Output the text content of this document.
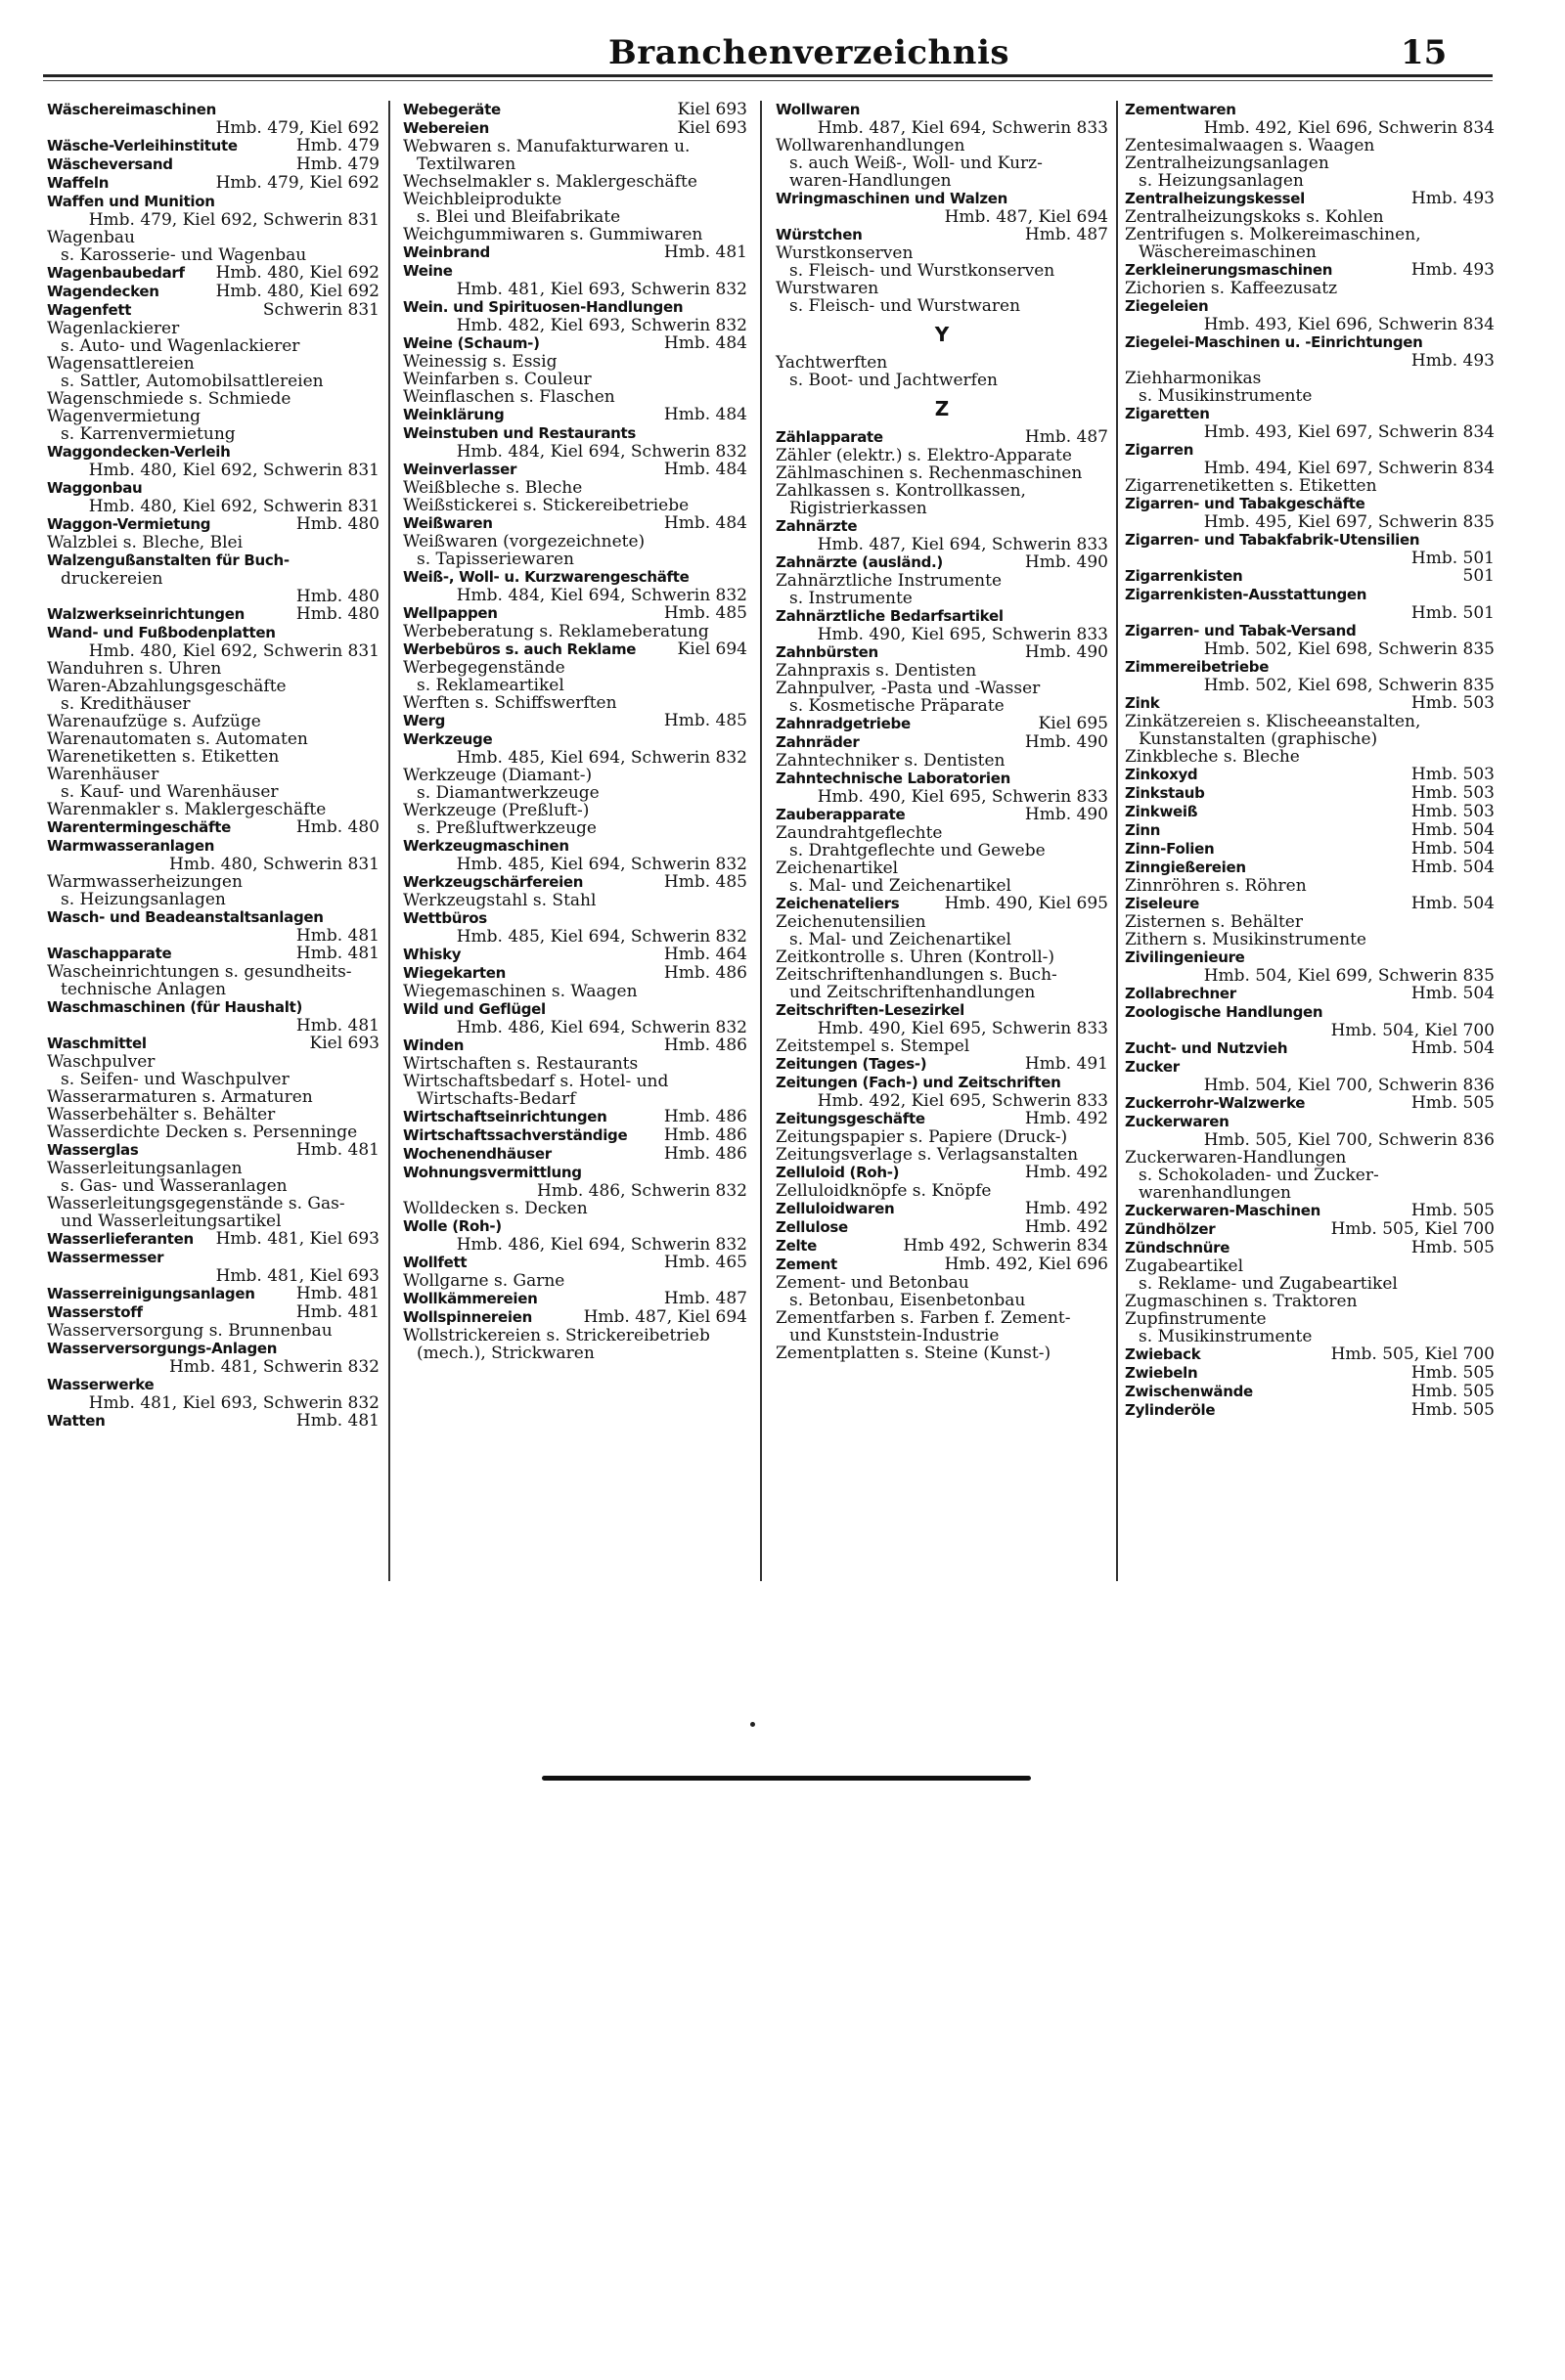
Branchenverzeichnis	15
Wäschereimaschinen
Hmb. 479, Kiel 692
Wäsche-Verleihinstitute	Hmb. 479
Wäscheversand	Hmb. 479
Waffeln	Hmb. 479, Kiel 692
Waffen und Munition
Hmb. 479, Kiel 692, Schwerin 831
Wagenbau
s. Karosserie- und Wagenbau
Wagenbaubedarf Hmb. 480, Kiel 692
Wagendecken	Hmb. 480, Kiel 692
Wagenfett	Schwerin 831
Wagenlackierer
s. Auto- und Wagenlackierer
Wagensattlereien
s. Sattler, Automobilsattlereien
Wagenschmiede s. Schmiede
Wagenvermietung
s. Karrenvermietung
Waggondecken-Verleih
Hmb. 480, Kiel 692, Schwerin 831
Waggonbau
Hmb. 480, Kiel 692, Schwerin 831
Waggon-Vermietung	Hmb. 480
Walzblei s. Bleche, Blei
Walzengußanstalten für Buch-
druckereien
Hmb. 480
Walzwerkseinrichtungen	Hmb. 480
Wand- und Fußbodenplatten
Hmb. 480, Kiel 692, Schwerin 831
Wanduhren s. Uhren
Waren-Abzahlungsgeschäfte
s. Kredithäuser
Warenaufzüge s. Aufzüge
Warenautomaten s. Automaten
Warenetiketten s. Etiketten
Warenhäuser
s. Kauf- und Warenhäuser
Warenmakler s. Maklergeschäfte
Warentermingeschäfte	Hmb. 480
Warmwasseranlagen
Hmb. 480, Schwerin 831
Warmwasserheizungen
s. Heizungsanlagen
Wasch- und Beadeanstaltsanlagen
Hmb. 481
Waschapparate	Hmb. 481
Wascheinrichtungen s. gesundheits-
technische Anlagen
Waschmaschinen (für Haushalt)
Hmb. 481
Waschmittel	Kiel 693
Waschpulver
s. Seifen- und Waschpulver
Wasserarmaturen s. Armaturen
Wasserbehälter s. Behälter
Wasserdichte Decken s. Persenninge
Wasserglas	Hmb. 481
Wasserleitungsanlagen
s. Gas- und Wasseranlagen
Wasserleitungsgegenstände s. Gas-
und Wasserleitungsartikel
Wasserlieferanten Hmb. 481, Kiel 693
Wassermesser
Hmb. 481, Kiel 693
Wasserreinigungsanlagen Hmb. 481
Wasserstoff	Hmb. 481
Wasserversorgung s. Brunnenbau
Wasserversorgungs-Anlagen
Hmb. 481, Schwerin 832
Wasserwerke
Hmb. 481, Kiel 693, Schwerin 832
Watten	Hmb. 481
Webegeräte	Kiel 693
Webereien	Kiel 693
Webwaren s. Manufakturwaren u.
Textilwaren
Wechselmakler s. Maklergeschäfte
Weichbleiprodukte
s. Blei und Bleifabrikate
Weichgummiwaren s. Gummiwaren
Weinbrand	Hmb. 481
Weine
Hmb. 481, Kiel 693, Schwerin 832
Wein. und Spirituosen-Handlungen
Hmb. 482, Kiel 693, Schwerin 832
Weine (Schaum-)	Hmb. 484
Weinessig s. Essig
Weinfarben s. Couleur
Weinflaschen s. Flaschen
Weinklärung	Hmb. 484
Weinstuben und Restaurants
Hmb. 484, Kiel 694, Schwerin 832
Weinverlasser	Hmb. 484
Weißbleche s. Bleche
Weißstickerei s. Stickereibetriebe
Weißwaren	Hmb. 484
Weißwaren (vorgezeichnete)
s. Tapisseriewaren
Weiß-, Woll- u. Kurzwarengeschäfte
Hmb. 484, Kiel 694, Schwerin 832
Wellpappen	Hmb. 485
Werbeberatung s. Reklameberatung
Werbebüros s. auch Reklame Kiel 694
Werbegegenstände
s. Reklameartikel
Werften s. Schiffswerften
Werg	Hmb. 485
Werkzeuge
Hmb. 485, Kiel 694, Schwerin 832
Werkzeuge (Diamant-)
s. Diamantwerkzeuge
Werkzeuge (Preßluft-)
s. Preßluftwerkzeuge
Werkzeugmaschinen
Hmb. 485, Kiel 694, Schwerin 832
Werkzeugschärfereien	Hmb. 485
Werkzeugstahl s. Stahl
Wettbüros
Hmb. 485, Kiel 694, Schwerin 832
Whisky	Hmb. 464
Wiegekarten	Hmb. 486
Wiegemaschinen s. Waagen
Wild und Geflügel
Hmb. 486, Kiel 694, Schwerin 832
Winden	Hmb. 486
Wirtschaften s. Restaurants
Wirtschaftsbedarf s. Hotel- und
Wirtschafts-Bedarf
Wirtschaftseinrichtungen	Hmb. 486
Wirtschaftssachverständige Hmb. 486
Wochenendhäuser	Hmb. 486
Wohnungsvermittlung
Hmb. 486, Schwerin 832
Wolldecken s. Decken
Wolle (Roh-)
Hmb. 486, Kiel 694, Schwerin 832
Wollfett	Hmb. 465
Wollgarne s. Garne
Wollkämmereien	Hmb. 487
Wollspinnereien	Hmb. 487, Kiel 694
Wollstrickereien s. Strickereibetrieb
(mech.), Strickwaren
Wollwaren
Hmb. 487, Kiel 694, Schwerin 833
Wollwarenhandlungen
s. auch Weiß-, Woll- und Kurz-
waren-Handlungen
Wringmaschinen und Walzen
Hmb. 487, Kiel 694
Würstchen	Hmb. 487
Wurstkonserven
s. Fleisch- und Wurstkonserven
Wurstwaren
s. Fleisch- und Wurstwaren
Y
Yachtwerften
s. Boot- und Jachtwerfen
Z
Zählapparate	Hmb. 487
Zähler (elektr.) s. Elektro-Apparate
Zählmaschinen s. Rechenmaschinen
Zahlkassen s. Kontrollkassen,
Rigistrierkassen
Zahnärzte
Hmb. 487, Kiel 694, Schwerin 833
Zahnärzte (ausländ.)	Hmb. 490
Zahnärztliche Instrumente
s. Instrumente
Zahnärztliche Bedarfsartikel
Hmb. 490, Kiel 695, Schwerin 833
Zahnbürsten	Hmb. 490
Zahnpraxis s. Dentisten
Zahnpulver, -Pasta und -Wasser
s. Kosmetische Präparate
Zahnradgetriebe	Kiel 695
Zahnräder	Hmb. 490
Zahntechniker s. Dentisten
Zahntechnische Laboratorien
Hmb. 490, Kiel 695, Schwerin 833
Zauberapparate	Hmb. 490
Zaundrahtgeflechte
s. Drahtgeflechte und Gewebe
Zeichenartikel
s. Mal- und Zeichenartikel
Zeichenateliers	Hmb. 490, Kiel 695
Zeichenutensilien
s. Mal- und Zeichenartikel
Zeitkontrolle s. Uhren (Kontroll-)
Zeitschriftenhandlungen s. Buch-
und Zeitschriftenhandlungen
Zeitschriften-Lesezirkel
Hmb. 490, Kiel 695, Schwerin 833
Zeitstempel s. Stempel
Zeitungen (Tages-)	Hmb. 491
Zeitungen (Fach-) und Zeitschriften
Hmb. 492, Kiel 695, Schwerin 833
Zeitungsgeschäfte	Hmb. 492
Zeitungspapier s. Papiere (Druck-)
Zeitungsverlage s. Verlagsanstalten
Zelluloid (Roh-)	Hmb. 492
Zelluloidknöpfe s. Knöpfe
Zelluloidwaren	Hmb. 492
Zellulose	Hmb. 492
Zelte	Hmb 492, Schwerin 834
Zement	Hmb. 492, Kiel 696
Zement- und Betonbau
s. Betonbau, Eisenbetonbau
Zementfarben s. Farben f. Zement-
und Kunststein-Industrie
Zementplatten s. Steine (Kunst-)
Zementwaren
Hmb. 492, Kiel 696, Schwerin 834
Zentesimalwaagen s. Waagen
Zentralheizungsanlagen
s. Heizungsanlagen
Zentralheizungskessel	Hmb. 493
Zentralheizungskoks s. Kohlen
Zentrifugen s. Molkereimaschinen,
Wäschereimaschinen
Zerkleinerungsmaschinen	Hmb. 493
Zichorien s. Kaffeezusatz
Ziegeleien
Hmb. 493, Kiel 696, Schwerin 834
Ziegelei-Maschinen u. -Einrichtungen
Hmb. 493
Ziehharmonikas
s. Musikinstrumente
Zigaretten
Hmb. 493, Kiel 697, Schwerin 834
Zigarren
Hmb. 494, Kiel 697, Schwerin 834
Zigarrenetiketten s. Etiketten
Zigarren- und Tabakgeschäfte
Hmb. 495, Kiel 697, Schwerin 835
Zigarren- und Tabakfabrik-Utensilien
Hmb. 501
Zigarrenkisten	501
Zigarrenkisten-Ausstattungen
Hmb. 501
Zigarren- und Tabak-Versand
Hmb. 502, Kiel 698, Schwerin 835
Zimmereibetriebe
Hmb. 502, Kiel 698, Schwerin 835
Zink	Hmb. 503
Zinkätzereien s. Klischeeanstalten,
Kunstanstalten (graphische)
Zinkbleche s. Bleche
Zinkoxyd	Hmb. 503
Zinkstaub	Hmb. 503
Zinkweiß	Hmb. 503
Zinn	Hmb. 504
Zinn-Folien	Hmb. 504
Zinngießereien	Hmb. 504
Zinnröhren s. Röhren
Ziseleure	Hmb. 504
Zisternen s. Behälter
Zithern s. Musikinstrumente
Zivilingenieure
Hmb. 504, Kiel 699, Schwerin 835
Zollabrechner	Hmb. 504
Zoologische Handlungen
Hmb. 504, Kiel 700
Zucht- und Nutzvieh	Hmb. 504
Zucker
Hmb. 504, Kiel 700, Schwerin 836
Zuckerrohr-Walzwerke	Hmb. 505
Zuckerwaren
Hmb. 505, Kiel 700, Schwerin 836
Zuckerwaren-Handlungen
s. Schokoladen- und Zucker-
warenhandlungen
Zuckerwaren-Maschinen	Hmb. 505
Zündhölzer	Hmb. 505, Kiel 700
Zündschnüre	Hmb. 505
Zugabeartikel
s. Reklame- und Zugabeartikel
Zugmaschinen s. Traktoren
Zupfinstrumente
s. Musikinstrumente
Zwieback	Hmb. 505, Kiel 700
Zwiebeln	Hmb. 505
Zwischenwände	Hmb. 505
Zylinderöle	Hmb. 505
